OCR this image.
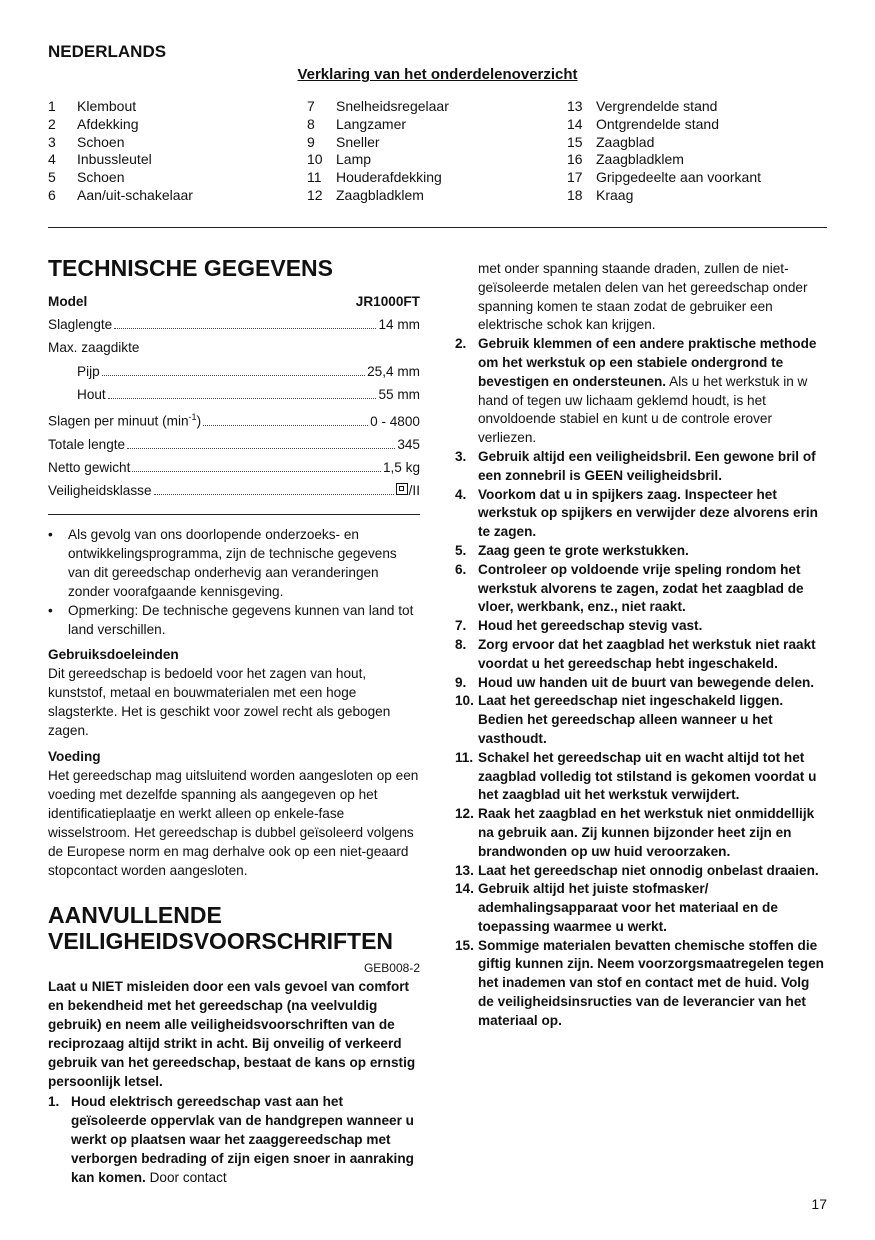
NEDERLANDS
Verklaring van het onderdelenoverzicht
1	Klembout
2	Afdekking
3	Schoen
4	Inbussleutel
5	Schoen
6	Aan/uit-schakelaar
7	Snelheidsregelaar
8	Langzamer
9	Sneller
10 Lamp
11	Houderafdekking
12 Zaagbladklem
13 Vergrendelde stand
14 Ontgrendelde stand
15 Zaagblad
16 Zaagbladklem
17 Gripgedeelte aan voorkant
18 Kraag
TECHNISCHE GEGEVENS
Model	JR1000FT
Slaglengte	14 mm
Max. zaagdikte
Pijp	25,4 mm
Hout	55 mm
Slagen per minuut $(\min^{-1})$	0 - 4800
Totale lengte	345
Netto gewicht	1,5 kg
Veiligheidsklasse	/II
•	Als gevolg van ons doorlopende onderzoeks- en ontwikkelingsprogramma, zijn de technische gegevens van dit gereedschap onderhevig aan veranderingen zonder voorafgaande kennisgeving.
•	Opmerking: De technische gegevens kunnen van land tot land verschillen.
Gebruiksdoeleinden
Dit gereedschap is bedoeld voor het zagen van hout, kunststof, metaal en bouwmaterialen met een hoge slagsterkte. Het is geschikt voor zowel recht als gebogen zagen.
Voeding
Het gereedschap mag uitsluitend worden aangesloten op een voeding met dezelfde spanning als aangegeven op het identificatieplaatje en werkt alleen op enkele-fase wisselstroom. Het gereedschap is dubbel geïsoleerd volgens de Europese norm en mag derhalve ook op een niet-geaard stopcontact worden aangesloten.
AANVULLENDE
VEILIGHEIDSVOORSCHRIFTEN
GEB008-2
Laat u NIET misleiden door een vals gevoel van comfort en bekendheid met het gereedschap (na veelvuldig gebruik) en neem alle veiligheidsvoorschriften van de reciprozaag altijd strikt in acht. Bij onveilig of verkeerd gebruik van het gereedschap, bestaat de kans op ernstig persoonlijk letsel.
1. Houd elektrisch gereedschap vast aan het geïsoleerde oppervlak van de handgrepen wanneer u werkt op plaatsen waar het zaaggereedschap met verborgen bedrading of zijn eigen snoer in aanraking kan komen. Door contact
met onder spanning staande draden, zullen de niet-geïsoleerde metalen delen van het gereedschap onder spanning komen te staan zodat de gebruiker een elektrische schok kan krijgen.
2. Gebruik klemmen of een andere praktische methode om het werkstuk op een stabiele ondergrond te bevestigen en ondersteunen. Als u het werkstuk in w hand of tegen uw lichaam geklemd houdt, is het onvoldoende stabiel en kunt u de controle erover verliezen.
3. Gebruik altijd een veiligheidsbril. Een gewone bril of een zonnebril is GEEN veiligheidsbril.
4. Voorkom dat u in spijkers zaag. Inspecteer het werkstuk op spijkers en verwijder deze alvorens erin te zagen.
5. Zaag geen te grote werkstukken.
6. Controleer op voldoende vrije speling rondom het werkstuk alvorens te zagen, zodat het zaagblad de vloer, werkbank, enz., niet raakt.
7. Houd het gereedschap stevig vast.
8. Zorg ervoor dat het zaagblad het werkstuk niet raakt voordat u het gereedschap hebt ingeschakeld.
9. Houd uw handen uit de buurt van bewegende delen.
10. Laat het gereedschap niet ingeschakeld liggen. Bedien het gereedschap alleen wanneer u het vasthoudt.
11. Schakel het gereedschap uit en wacht altijd tot het zaagblad volledig tot stilstand is gekomen voordat u het zaagblad uit het werkstuk verwijdert.
12. Raak het zaagblad en het werkstuk niet onmiddellijk na gebruik aan. Zij kunnen bijzonder heet zijn en brandwonden op uw huid veroorzaken.
13. Laat het gereedschap niet onnodig onbelast draaien.
14. Gebruik altijd het juiste stofmasker/ ademhalingsapparaat voor het materiaal en de toepassing waarmee u werkt.
15. Sommige materialen bevatten chemische stoffen die giftig kunnen zijn. Neem voorzorgsmaatregelen tegen het inademen van stof en contact met de huid. Volg de veiligheidsinsructies van de leverancier van het materiaal op.
17
